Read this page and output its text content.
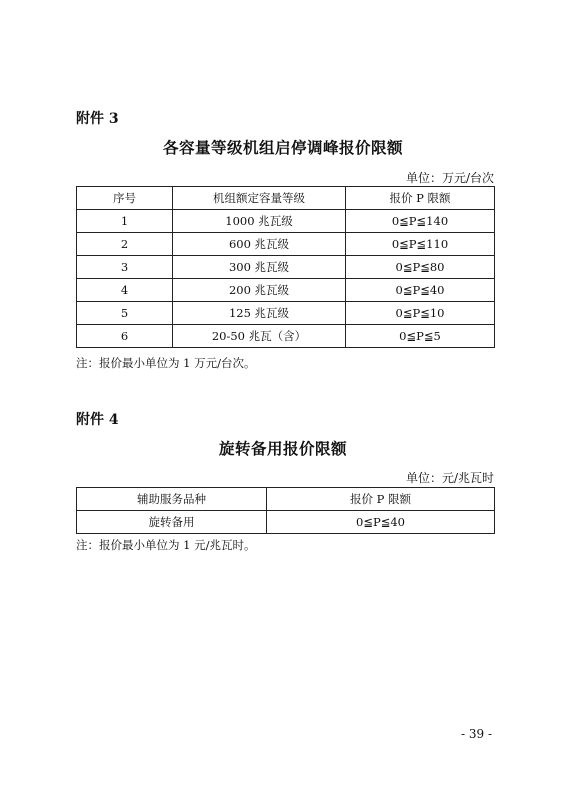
附件 3
各容量等级机组启停调峰报价限额
单位：万元/台次
序号	机组额定容量等级	报价 P 限额
1	1000 兆瓦级	0≦P≦140
2	600 兆瓦级	0≦P≦110
3	300 兆瓦级	0≦P≦80
4	200 兆瓦级	0≦P≦40
5	125 兆瓦级	0≦P≦10
6	20-50 兆瓦（含）	0≦P≦5
注：报价最小单位为 1 万元/台次。
附件 4
旋转备用报价限额
单位：元/兆瓦时
辅助服务品种	报价 P 限额
旋转备用	0≦P≦40
注：报价最小单位为 1 元/兆瓦时。
- 39 -
